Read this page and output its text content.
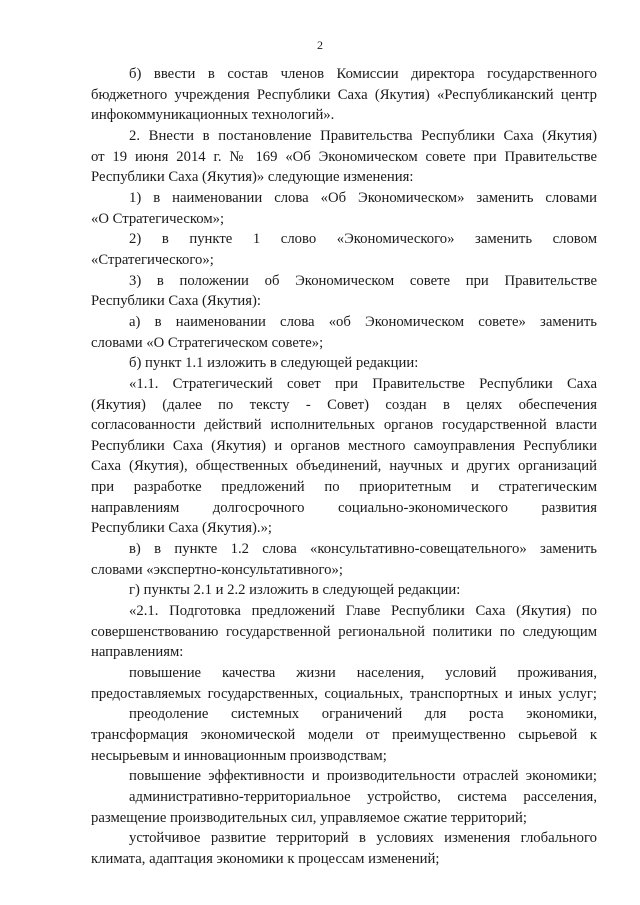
2
б) ввести в состав членов Комиссии директора государственного
бюджетного учреждения Республики Саха (Якутия) «Республиканский центр
инфокоммуникационных технологий».
2. Внести в постановление Правительства Республики Саха (Якутия)
от 19 июня 2014 г. № 169 «Об Экономическом совете при Правительстве
Республики Саха (Якутия)» следующие изменения:
1) в наименовании слова «Об Экономическом» заменить словами
«О Стратегическом»;
2) в пункте 1 слово «Экономического» заменить словом
«Стратегического»;
3) в положении об Экономическом совете при Правительстве
Республики Саха (Якутия):
а) в наименовании слова «об Экономическом совете» заменить
словами «О Стратегическом совете»;
б) пункт 1.1 изложить в следующей редакции:
«1.1. Стратегический совет при Правительстве Республики Саха
(Якутия) (далее по тексту - Совет) создан в целях обеспечения
согласованности действий исполнительных органов государственной власти
Республики Саха (Якутия) и органов местного самоуправления Республики
Саха (Якутия), общественных объединений, научных и других организаций
при разработке предложений по приоритетным и стратегическим
направлениям долгосрочного социально-экономического развития
Республики Саха (Якутия).»;
в) в пункте 1.2 слова «консультативно-совещательного» заменить
словами «экспертно-консультативного»;
г) пункты 2.1 и 2.2 изложить в следующей редакции:
«2.1. Подготовка предложений Главе Республики Саха (Якутия) по
совершенствованию государственной региональной политики по следующим
направлениям:
повышение качества жизни населения, условий проживания,
предоставляемых государственных, социальных, транспортных и иных услуг;
преодоление системных ограничений для роста экономики,
трансформация экономической модели от преимущественно сырьевой к
несырьевым и инновационным производствам;
повышение эффективности и производительности отраслей экономики;
административно-территориальное устройство, система расселения,
размещение производительных сил, управляемое сжатие территорий;
устойчивое развитие территорий в условиях изменения глобального
климата, адаптация экономики к процессам изменений;
